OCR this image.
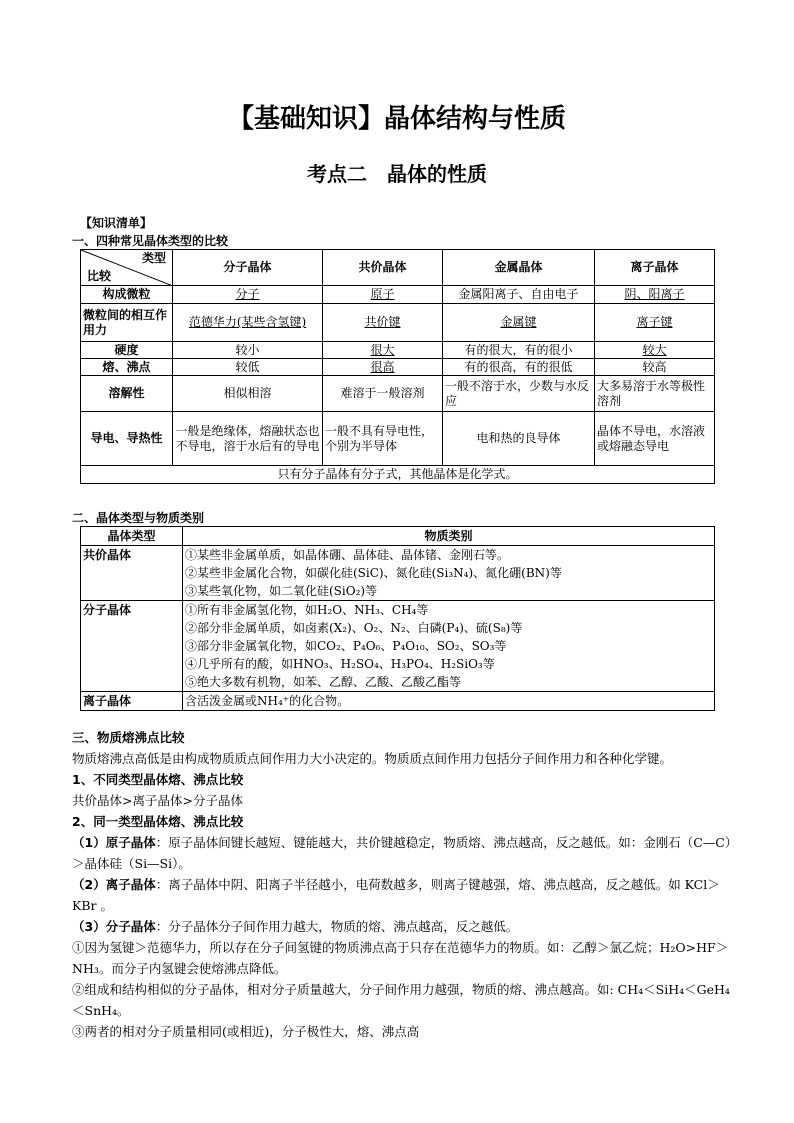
【基础知识】晶体结构与性质
考点二　晶体的性质
【知识清单】
一、四种常见晶体类型的比较
类型
比较	分子晶体	共价晶体	金属晶体	离子晶体
构成微粒	分子	原子	金属阳离子、自由电子	阴、阳离子
微粒间的相互作用力	范德华力(某些含氢键)	共价键	金属键	离子键
硬度	较小	很大	有的很大，有的很小	较大
熔、沸点	较低	很高	有的很高，有的很低	较高
溶解性	相似相溶	难溶于一般溶剂	一般不溶于水，少数与水反应	大多易溶于水等极性溶剂
导电、导热性	一般是绝缘体，熔融状态也不导电，溶于水后有的导电	一般不具有导电性，个别为半导体	电和热的良导体	晶体不导电，水溶液或熔融态导电
只有分子晶体有分子式，其他晶体是化学式。				
二、晶体类型与物质类别
晶体类型	物质类别
共价晶体	①某些非金属单质，如晶体硼、晶体硅、晶体锗、金刚石等。
②某些非金属化合物，如碳化硅(SiC)、氮化硅(Si₃N₄)、氮化硼(BN)等
③某些氧化物，如二氧化硅(SiO₂)等

分子晶体	①所有非金属氢化物，如H₂O、NH₃、CH₄等
②部分非金属单质，如卤素(X₂)、O₂、N₂、白磷(P₄)、硫(S₈)等
③部分非金属氧化物，如CO₂、P₄O₆、P₄O₁₀、SO₂、SO₃等
④几乎所有的酸，如HNO₃、H₂SO₄、H₃PO₄、H₂SiO₃等
⑤绝大多数有机物，如苯、乙醇、乙酸、乙酸乙酯等

离子晶体	含活泼金属或NH₄⁺的化合物。
三、物质熔沸点比较
物质熔沸点高低是由构成物质质点间作用力大小决定的。物质质点间作用力包括分子间作用力和各种化学键。
1、不同类型晶体熔、沸点比较
共价晶体>离子晶体>分子晶体
2、同一类型晶体熔、沸点比较
（1）原子晶体：原子晶体间键长越短、键能越大，共价键越稳定，物质熔、沸点越高，反之越低。如：金刚石（C—C）＞晶体硅（Si—Si）。
（2）离子晶体：离子晶体中阴、阳离子半径越小，电荷数越多，则离子键越强，熔、沸点越高，反之越低。如 KCl＞KBr 。
（3）分子晶体：分子晶体分子间作用力越大，物质的熔、沸点越高，反之越低。
①因为氢键＞范德华力，所以存在分子间氢键的物质沸点高于只存在范德华力的物质。如：乙醇＞氯乙烷；H₂O>HF＞NH₃。而分子内氢键会使熔沸点降低。
②组成和结构相似的分子晶体，相对分子质量越大，分子间作用力越强，物质的熔、沸点越高。如: CH₄＜SiH₄＜GeH₄＜SnH₄。
③两者的相对分子质量相同(或相近)，分子极性大，熔、沸点高
